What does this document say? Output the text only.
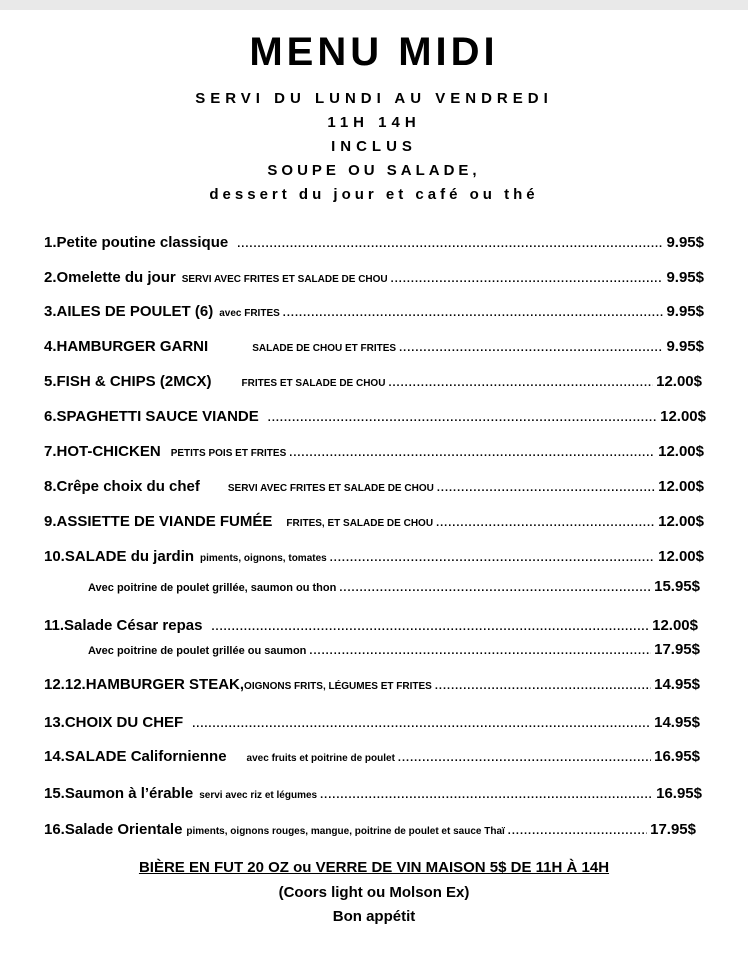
MENU MIDI
SERVI DU LUNDI AU VENDREDI
11H 14H
INCLUS
SOUPE OU SALADE,
dessert du jour et café ou thé
1.Petite poutine classique .....	9.95$
2.Omelette du jour SERVI AVEC FRITES ET SALADE DE CHOU .....	9.95$
3.AILES DE POULET (6) avec FRITES .....	9.95$
4.HAMBURGER GARNI	SALADE DE CHOU ET FRITES .....	9.95$
5.FISH & CHIPS (2MCX)	FRITES ET SALADE DE CHOU .....	12.00$
6.SPAGHETTI SAUCE VIANDE .....	12.00$
7.HOT-CHICKEN PETITS POIS ET FRITES .....	12.00$
8.Crêpe choix du chef	SERVI AVEC FRITES ET SALADE DE CHOU .....	12.00$
9.ASSIETTE DE VIANDE FUMÉE FRITES, ET SALADE DE CHOU .....	12.00$
10.SALADE du jardin piments, oignons, tomates .....	12.00$
Avec poitrine de poulet grillée, saumon ou thon .....	15.95$
11.Salade César repas .....	12.00$
Avec poitrine de poulet grillée ou saumon .....	17.95$
12.12.HAMBURGER STEAK, OIGNONS FRITS, LÉGUMES ET FRITES .....	14.95$
13.CHOIX DU CHEF .....	14.95$
14.SALADE Californienne avec fruits et poitrine de poulet .....	16.95$
15.Saumon à l’érable servi avec riz et légumes .....	16.95$
16.Salade Orientale piments, oignons rouges, mangue, poitrine de poulet et sauce Thaï .....	17.95$
BIÈRE EN FUT 20 OZ ou VERRE DE VIN MAISON 5$ DE 11H À 14H
(Coors light ou Molson Ex)
Bon appétit
